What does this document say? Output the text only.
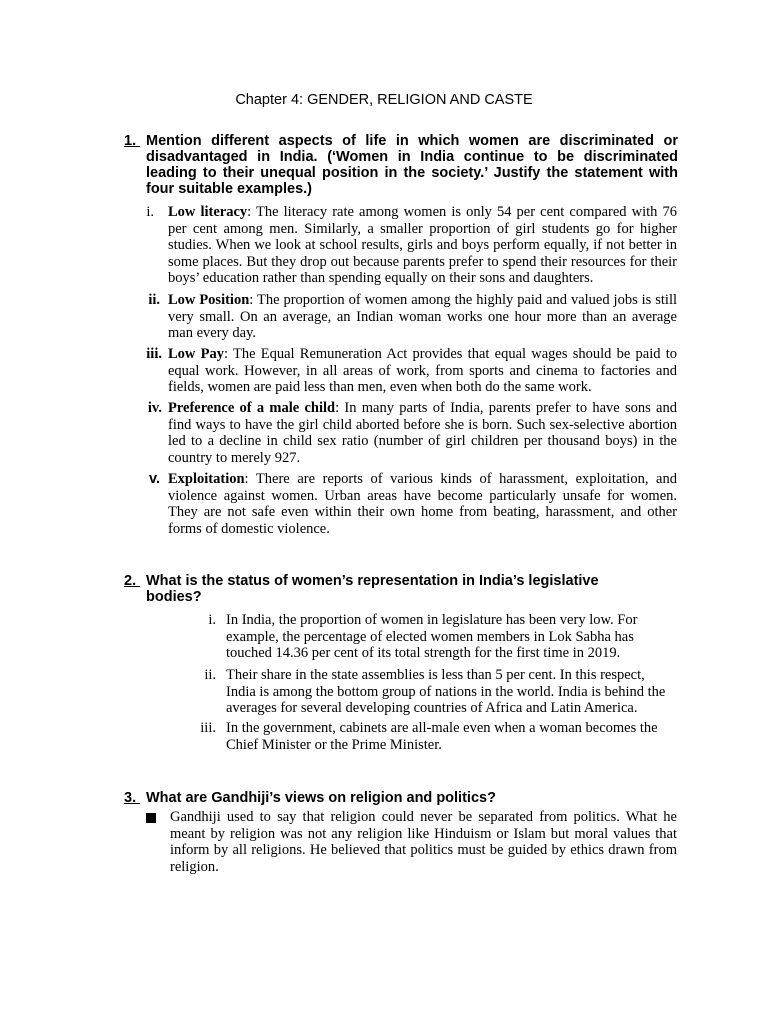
Chapter 4: GENDER, RELIGION AND CASTE
1. Mention different aspects of life in which women are discriminated or disadvantaged in India. (‘Women in India continue to be discriminated leading to their unequal position in the society.’ Justify the statement with four suitable examples.)
i. Low literacy: The literacy rate among women is only 54 per cent compared with 76 per cent among men. Similarly, a smaller proportion of girl students go for higher studies. When we look at school results, girls and boys perform equally, if not better in some places. But they drop out because parents prefer to spend their resources for their boys’ education rather than spending equally on their sons and daughters.
ii. Low Position: The proportion of women among the highly paid and valued jobs is still very small. On an average, an Indian woman works one hour more than an average man every day.
iii. Low Pay: The Equal Remuneration Act provides that equal wages should be paid to equal work. However, in all areas of work, from sports and cinema to factories and fields, women are paid less than men, even when both do the same work.
iv. Preference of a male child: In many parts of India, parents prefer to have sons and find ways to have the girl child aborted before she is born. Such sex-selective abortion led to a decline in child sex ratio (number of girl children per thousand boys) in the country to merely 927.
v. Exploitation: There are reports of various kinds of harassment, exploitation, and violence against women. Urban areas have become particularly unsafe for women. They are not safe even within their own home from beating, harassment, and other forms of domestic violence.
2. What is the status of women’s representation in India’s legislative bodies?
i. In India, the proportion of women in legislature has been very low. For example, the percentage of elected women members in Lok Sabha has touched 14.36 per cent of its total strength for the first time in 2019.
ii. Their share in the state assemblies is less than 5 per cent. In this respect, India is among the bottom group of nations in the world. India is behind the averages for several developing countries of Africa and Latin America.
iii. In the government, cabinets are all-male even when a woman becomes the Chief Minister or the Prime Minister.
3. What are Gandhiji’s views on religion and politics?
Gandhiji used to say that religion could never be separated from politics. What he meant by religion was not any religion like Hinduism or Islam but moral values that inform by all religions. He believed that politics must be guided by ethics drawn from religion.
